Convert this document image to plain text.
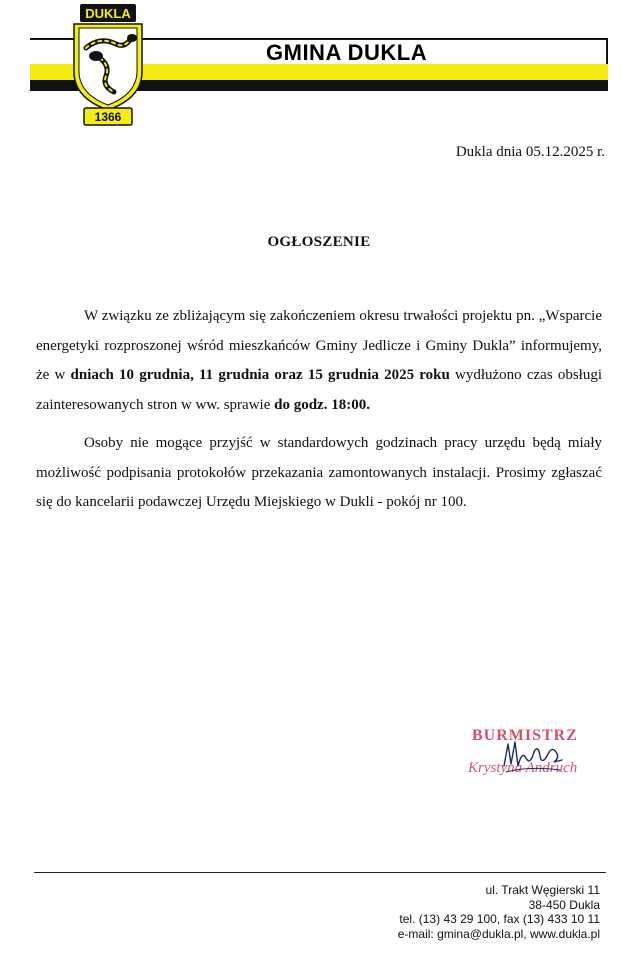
GMINA DUKLA
DUKLA
1366
Dukla dnia 05.12.2025 r.
OGŁOSZENIE

W związku ze zbliżającym się zakończeniem okresu trwałości projektu pn. „Wsparcie energetyki rozproszonej wśród mieszkańców Gminy Jedlicze i Gminy Dukla” informujemy, że w dniach 10 grudnia, 11 grudnia oraz 15 grudnia 2025 roku wydłużono czas obsługi zainteresowanych stron w ww. sprawie do godz. 18:00.

Osoby nie mogące przyjść w standardowych godzinach pracy urzędu będą miały możliwość podpisania protokołów przekazania zamontowanych instalacji. Prosimy zgłaszać się do kancelarii podawczej Urzędu Miejskiego w Dukli - pokój nr 100.

BURMISTRZ
Krystyna Andruch
ul. Trakt Węgierski 11
38-450 Dukla
tel. (13) 43 29 100, fax (13) 433 10 11
e-mail: gmina@dukla.pl, www.dukla.pl
